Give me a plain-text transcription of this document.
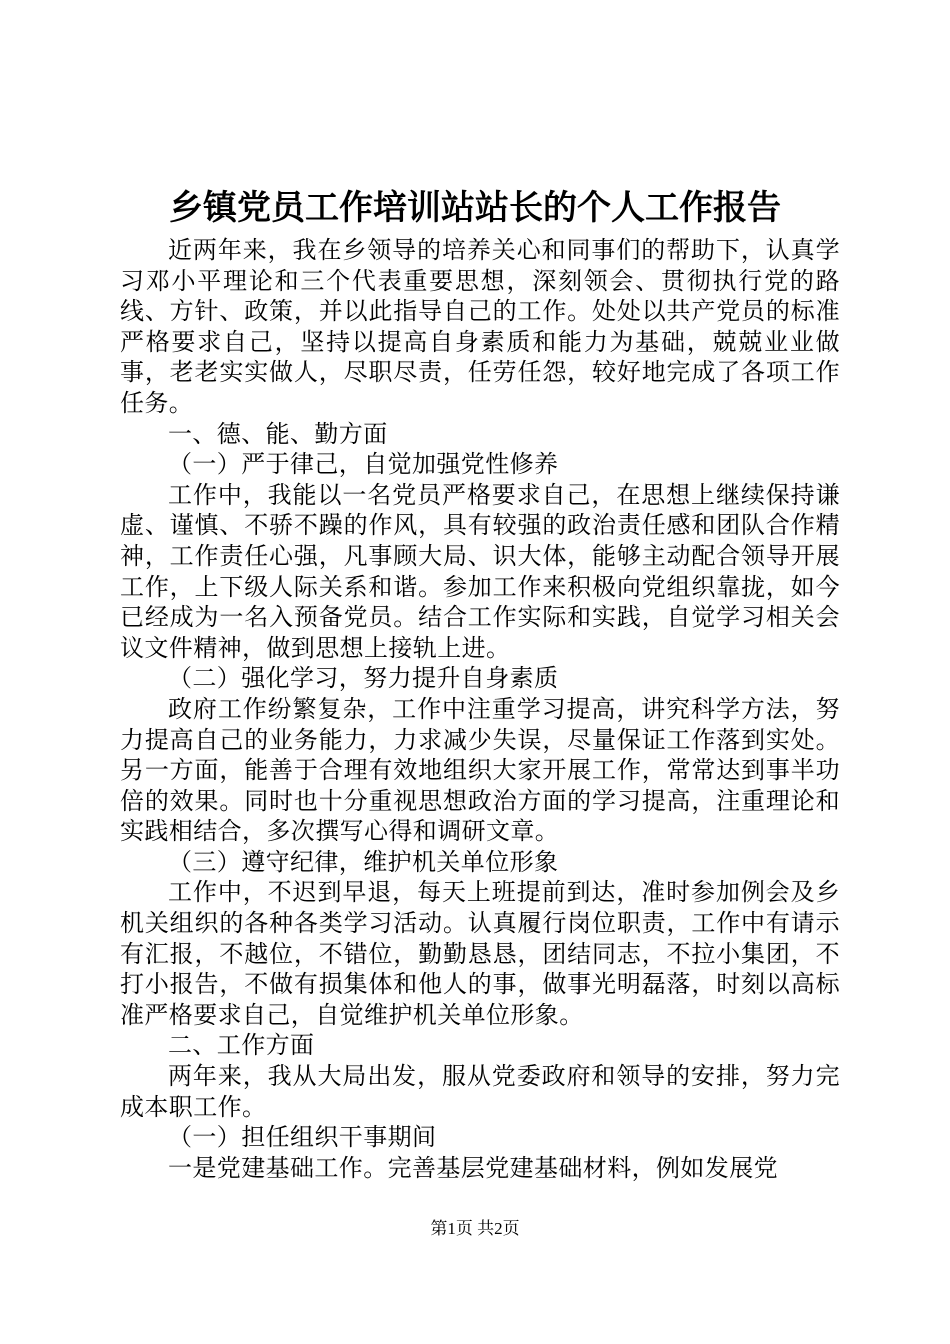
乡镇党员工作培训站站长的个人工作报告

近两年来，我在乡领导的培养关心和同事们的帮助下，认真学习邓小平理论和三个代表重要思想，深刻领会、贯彻执行党的路线、方针、政策，并以此指导自己的工作。处处以共产党员的标准严格要求自己，坚持以提高自身素质和能力为基础，兢兢业业做事，老老实实做人，尽职尽责，任劳任怨，较好地完成了各项工作任务。

一、德、能、勤方面

（一）严于律己，自觉加强党性修养

工作中，我能以一名党员严格要求自己，在思想上继续保持谦虚、谨慎、不骄不躁的作风，具有较强的政治责任感和团队合作精神，工作责任心强，凡事顾大局、识大体，能够主动配合领导开展工作，上下级人际关系和谐。参加工作来积极向党组织靠拢，如今已经成为一名入预备党员。结合工作实际和实践，自觉学习相关会议文件精神，做到思想上接轨上进。

（二）强化学习，努力提升自身素质

政府工作纷繁复杂，工作中注重学习提高，讲究科学方法，努力提高自己的业务能力，力求减少失误，尽量保证工作落到实处。另一方面，能善于合理有效地组织大家开展工作，常常达到事半功倍的效果。同时也十分重视思想政治方面的学习提高，注重理论和实践相结合，多次撰写心得和调研文章。

（三）遵守纪律，维护机关单位形象

工作中，不迟到早退，每天上班提前到达，准时参加例会及乡机关组织的各种各类学习活动。认真履行岗位职责，工作中有请示有汇报，不越位，不错位，勤勤恳恳，团结同志，不拉小集团，不打小报告，不做有损集体和他人的事，做事光明磊落，时刻以高标准严格要求自己，自觉维护机关单位形象。

二、工作方面

两年来，我从大局出发，服从党委政府和领导的安排，努力完成本职工作。

（一）担任组织干事期间

一是党建基础工作。完善基层党建基础材料，例如发展党

第1页 共2页
